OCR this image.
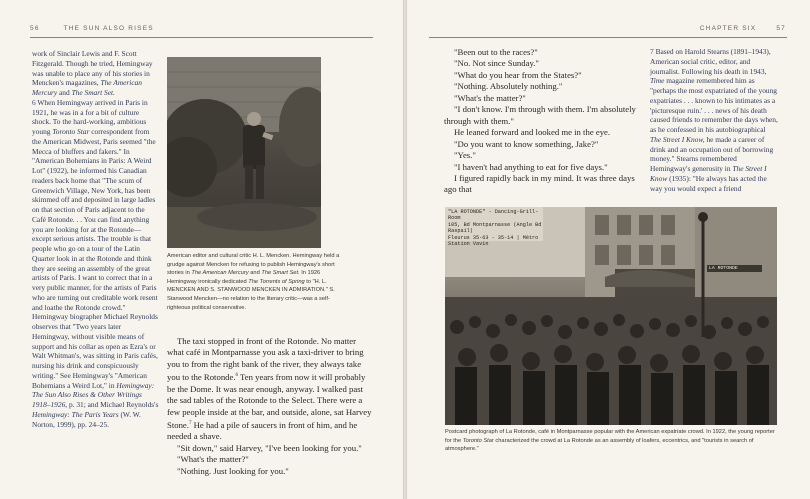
56	THE SUN ALSO RISES

work of Sinclair Lewis and F. Scott Fitzgerald. Though he tried, Hemingway was unable to place any of his stories in Mencken's magazines, The American Mercury and The Smart Set.

6 When Hemingway arrived in Paris in 1921, he was in a for a bit of culture shock. To the hard-working, ambitious young Toronto Star correspondent from the American Midwest, Paris seemed "the Mecca of bluffers and fakers." In "American Bohemians in Paris: A Weird Lot" (1922), he informed his Canadian readers back home that "The scum of Greenwich Village, New York, has been skimmed off and deposited in large ladles on that section of Paris adjacent to the Café Rotonde. . . You can find anything you are looking for at the Rotonde—except serious artists. The trouble is that people who go on a tour of the Latin Quarter look in at the Rotonde and think they are seeing an assembly of the great artists of Paris. I want to correct that in a very public manner, for the artists of Paris who are turning out creditable work resent and loathe the Rotonde crowd." Hemingway biographer Michael Reynolds observes that "Two years later Hemingway, without visible means of support and his collar as open as Ezra's or Walt Whitman's, was sitting in Paris cafés, nursing his drink and conspicuously writing." See Hemingway's "American Bohemians a Weird Lot," in Hemingway: The Sun Also Rises & Other Writings 1918–1926, p. 31; and Michael Reynolds's Hemingway: The Paris Years (W. W. Norton, 1999), pp. 24–25.

American editor and cultural critic H. L. Mencken. Hemingway held a grudge against Mencken for refusing to publish Hemingway's short stories in The American Mercury and The Smart Set. In 1926 Hemingway ironically dedicated The Torrents of Spring to "H. L. MENCKEN AND S. STANWOOD MENCKEN IN ADMIRATION." S. Stanwood Mencken—no relation to the literary critic—was a self-righteous political conservative.

The taxi stopped in front of the Rotonde. No matter what café in Montparnasse you ask a taxi-driver to bring you to from the right bank of the river, they always take you to the Rotonde.$^6$ Ten years from now it will probably be the Dome. It was near enough, anyway. I walked past the sad tables of the Rotonde to the Select. There were a few people inside at the bar, and outside, alone, sat Harvey Stone.$^7$ He had a pile of saucers in front of him, and he needed a shave.

"Sit down," said Harvey, "I've been looking for you."

"What's the matter?"

"Nothing. Just looking for you."

CHAPTER SIX	57

"Been out to the races?"

"No. Not since Sunday."

"What do you hear from the States?"

"Nothing. Absolutely nothing."

"What's the matter?"

"I don't know. I'm through with them. I'm absolutely through with them."

He leaned forward and looked me in the eye.

"Do you want to know something, Jake?"

"Yes."

"I haven't had anything to eat for five days."

I figured rapidly back in my mind. It was three days ago that

7 Based on Harold Stearns (1891–1943), American social critic, editor, and journalist. Following his death in 1943, Time magazine remembered him as "perhaps the most expatriated of the young expatriates . . . known to his intimates as a 'picturesque ruin.' . . . news of his death caused friends to remember the days when, as he confessed in his autobiographical The Street I Know, he made a career of drink and an occupation out of borrowing money." Stearns remembered Hemingway's generosity in The Street I Know (1935): "He always has acted the way you would expect a friend

"LA ROTONDE" - Dancing-Grill-Room
105, Bd Montparnasse (Angle Bd Raspail)
Fleurus 35-63 - 35-14 | Métro Station Vavin
LA ROTONDE
Postcard photograph of La Rotonde, café in Montparnasse popular with the American expatriate crowd. In 1922, the young reporter for the Toronto Star characterized the crowd at La Rotonde as an assembly of loafers, eccentrics, and "tourists in search of atmosphere."
